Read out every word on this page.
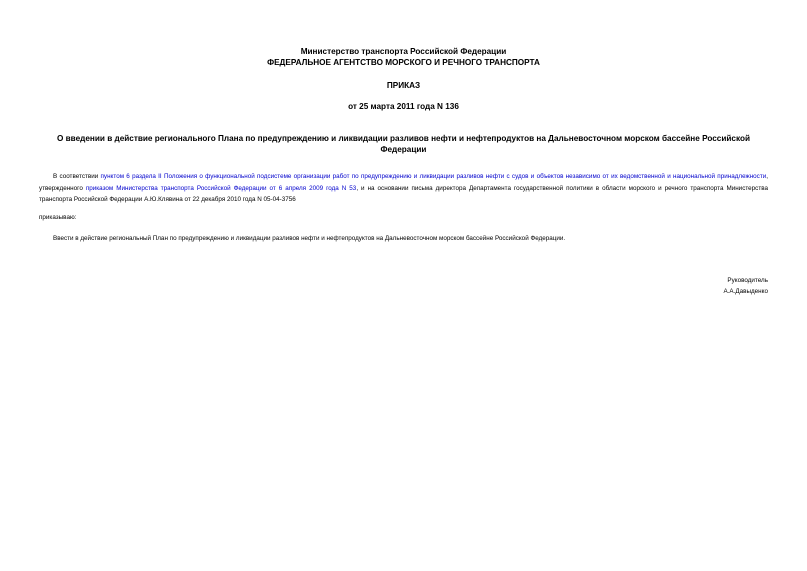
Министерство транспорта Российской Федерации
ФЕДЕРАЛЬНОЕ АГЕНТСТВО МОРСКОГО И РЕЧНОГО ТРАНСПОРТА
ПРИКАЗ
от 25 марта 2011 года N 136
О введении в действие регионального Плана по предупреждению и ликвидации разливов нефти и нефтепродуктов на Дальневосточном морском бассейне Российской Федерации
В соответствии пунктом 6 раздела II Положения о функциональной подсистеме организации работ по предупреждению и ликвидации разливов нефти с судов и объектов независимо от их ведомственной и национальной принадлежности, утвержденного приказом Министерства транспорта Российской Федерации от 6 апреля 2009 года N 53, и на основании письма директора Департамента государственной политики в области морского и речного транспорта Министерства транспорта Российской Федерации А.Ю.Клявина от 22 декабря 2010 года N 05-04-3756
приказываю:
Ввести в действие региональный План по предупреждению и ликвидации разливов нефти и нефтепродуктов на Дальневосточном морском бассейне Российской Федерации.
Руководитель
А.А.Давыденко
